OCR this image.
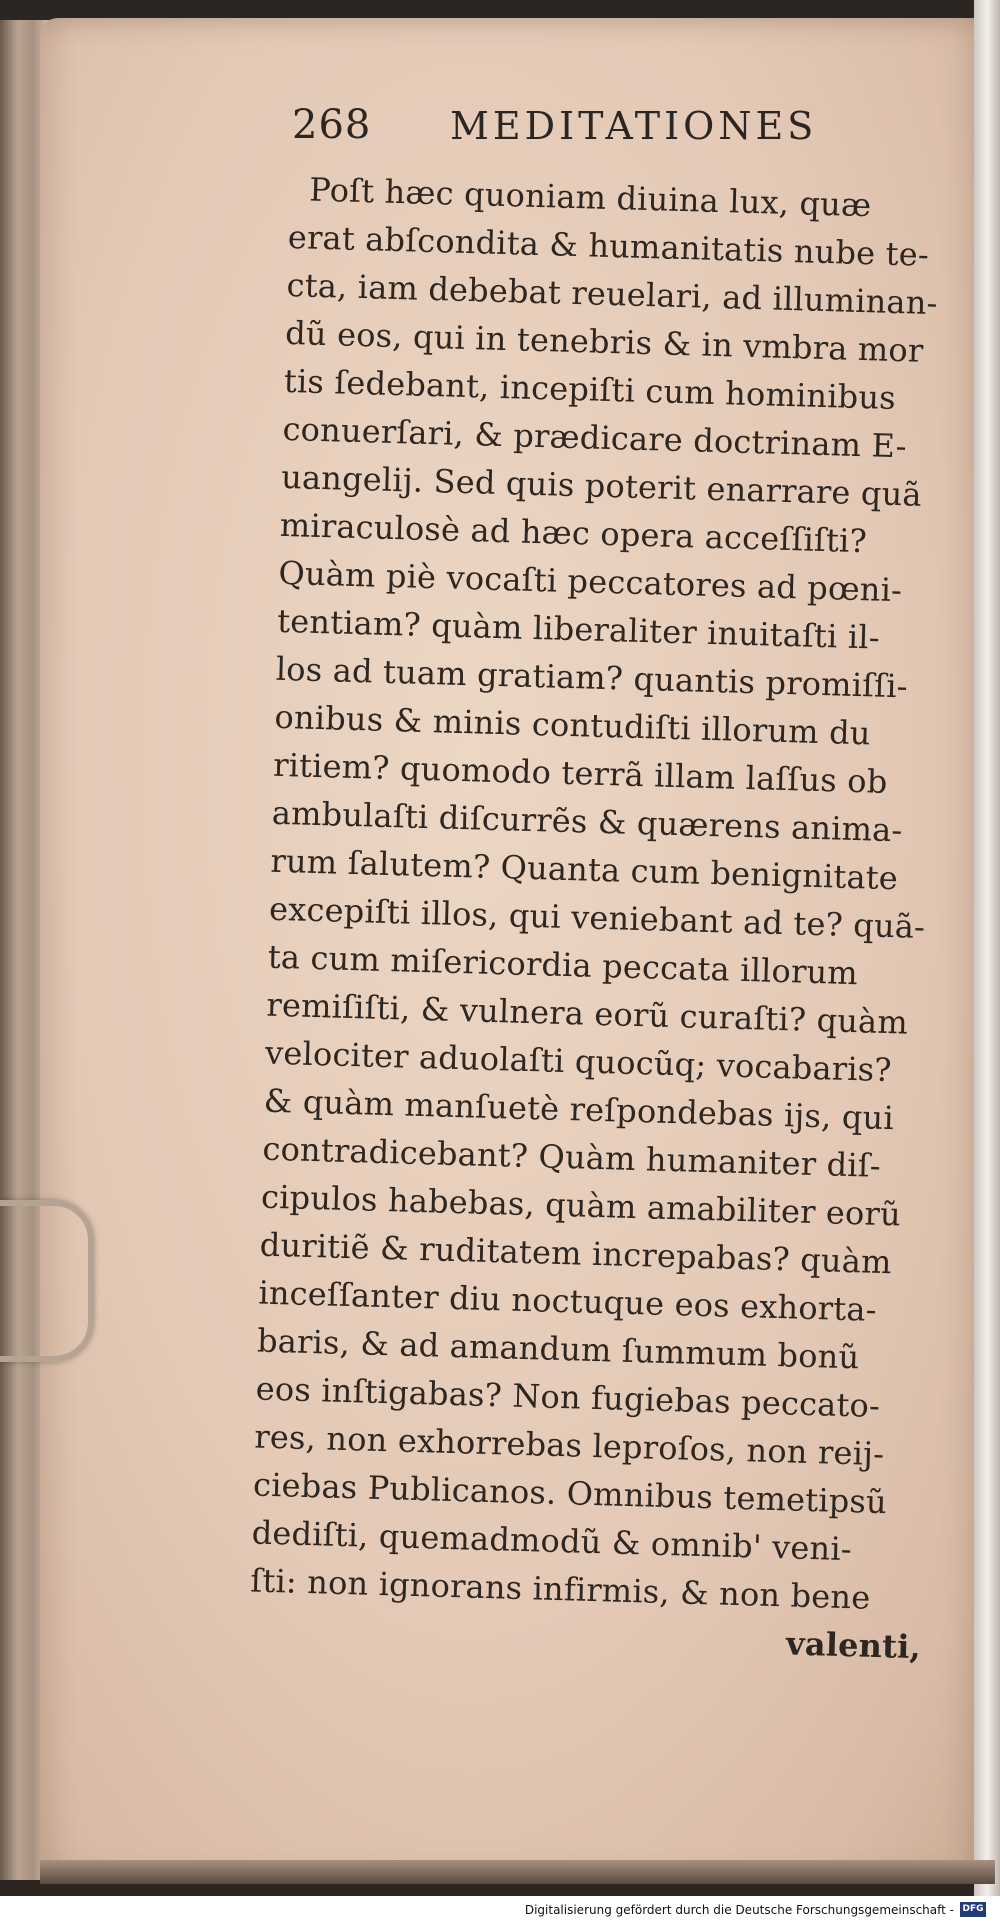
268 MEDITATIONES
Poſt hæc quoniam diuina lux, quæ
erat abſcondita & humanitatis nube te-
cta, iam debebat reuelari, ad illuminan-
dũ eos, qui in tenebris & in vmbra mor
tis ſedebant, incepiſti cum hominibus
conuerſari, & prædicare doctrinam E-
uangelij. Sed quis poterit enarrare quã
miraculosè ad hæc opera acceſſiſti?
Quàm piè vocaſti peccatores ad pœni-
tentiam? quàm liberaliter inuitaſti il-
los ad tuam gratiam? quantis promiſſi-
onibus & minis contudiſti illorum du
ritiem? quomodo terrã illam laſſus ob
ambulaſti diſcurrẽs & quærens anima-
rum ſalutem? Quanta cum benignitate
excepiſti illos, qui veniebant ad te? quã-
ta cum miſericordia peccata illorum
remiſiſti, & vulnera eorũ curaſti? quàm
velociter aduolaſti quocũq; vocabaris?
& quàm manſuetè reſpondebas ijs, qui
contradicebant? Quàm humaniter diſ-
cipulos habebas, quàm amabiliter eorũ
duritiẽ & ruditatem increpabas? quàm
inceſſanter diu noctuque eos exhorta-
baris, & ad amandum ſummum bonũ
eos inſtigabas? Non fugiebas peccato-
res, non exhorrebas leproſos, non reij-
ciebas Publicanos. Omnibus temetipsũ
dediſti, quemadmodũ & omnib' veni-
ſti: non ignorans infirmis, & non bene
valenti,
Digitalisierung gefördert durch die Deutsche Forschungsgemeinschaft - DFG
